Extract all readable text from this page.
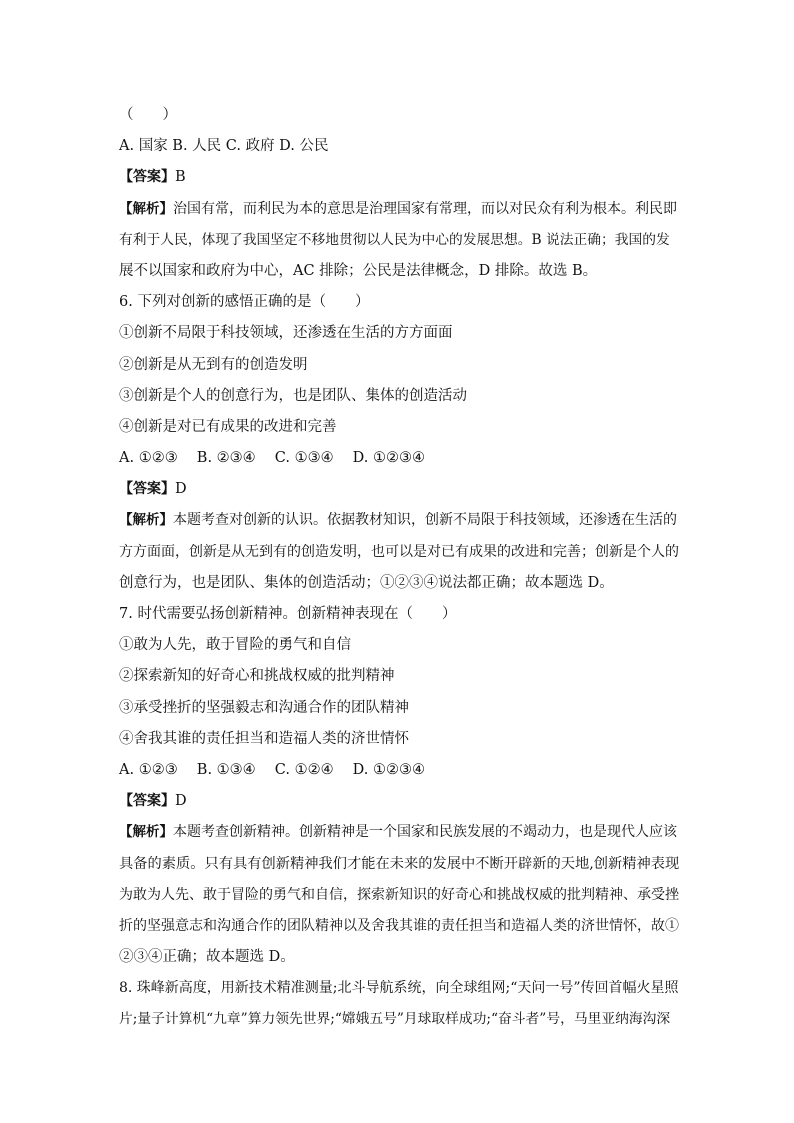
（　　）
A. 国家 B. 人民 C. 政府 D. 公民
【答案】B
【解析】治国有常，而利民为本的意思是治理国家有常理，而以对民众有利为根本。利民即
有利于人民，体现了我国坚定不移地贯彻以人民为中心的发展思想。B 说法正确；我国的发
展不以国家和政府为中心，AC 排除；公民是法律概念，D 排除。故选 B。
6. 下列对创新的感悟正确的是（　　）
①创新不局限于科技领域，还渗透在生活的方方面面
②创新是从无到有的创造发明
③创新是个人的创意行为，也是团队、集体的创造活动
④创新是对已有成果的改进和完善
A. ①②③　 B. ②③④　 C. ①③④　 D. ①②③④
【答案】D
【解析】本题考查对创新的认识。依据教材知识，创新不局限于科技领域，还渗透在生活的
方方面面，创新是从无到有的创造发明，也可以是对已有成果的改进和完善；创新是个人的
创意行为，也是团队、集体的创造活动；①②③④说法都正确；故本题选 D。
7. 时代需要弘扬创新精神。创新精神表现在（　　）
①敢为人先，敢于冒险的勇气和自信
②探索新知的好奇心和挑战权威的批判精神
③承受挫折的坚强毅志和沟通合作的团队精神
④舍我其谁的责任担当和造福人类的济世情怀
A. ①②③　 B. ①③④　 C. ①②④　 D. ①②③④
【答案】D
【解析】本题考查创新精神。创新精神是一个国家和民族发展的不竭动力，也是现代人应该
具备的素质。只有具有创新精神我们才能在未来的发展中不断开辟新的天地,创新精神表现
为敢为人先、敢于冒险的勇气和自信，探索新知识的好奇心和挑战权威的批判精神、承受挫
折的坚强意志和沟通合作的团队精神以及舍我其谁的责任担当和造福人类的济世情怀，故①
②③④正确；故本题选 D。
8. 珠峰新高度，用新技术精准测量;北斗导航系统，向全球组网;“天问一号”传回首幅火星照
片;量子计算机“九章”算力领先世界;“嫦娥五号”月球取样成功;“奋斗者”号，马里亚纳海沟深
